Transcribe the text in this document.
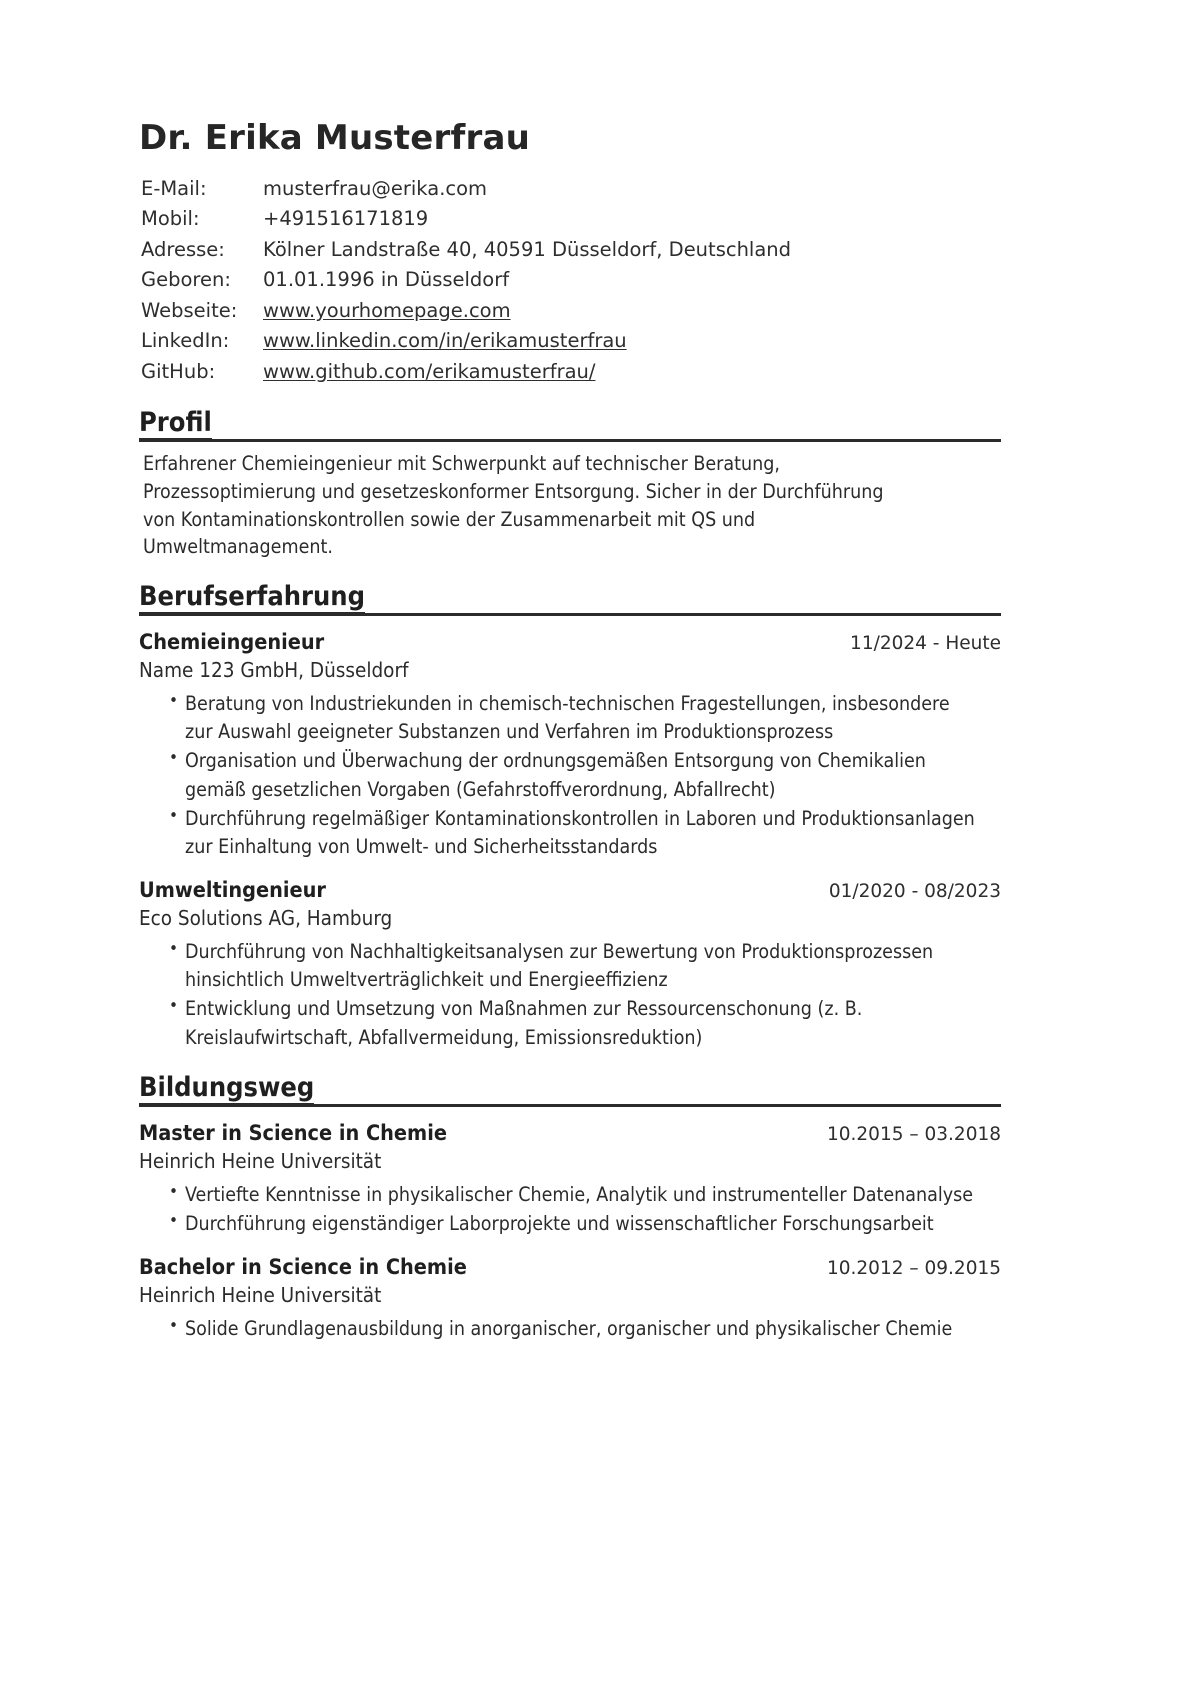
Dr. Erika Musterfrau
E-Mail:	musterfrau@erika.com
Mobil:	+491516171819
Adresse:	Kölner Landstraße 40, 40591 Düsseldorf, Deutschland
Geboren:	01.01.1996 in Düsseldorf
Webseite:	www.yourhomepage.com
LinkedIn:	www.linkedin.com/in/erikamusterfrau
GitHub:	www.github.com/erikamusterfrau/
Profil

Erfahrener Chemieingenieur mit Schwerpunkt auf technischer Beratung, Prozessoptimierung und gesetzeskonformer Entsorgung. Sicher in der Durchführung von Kontaminationskontrollen sowie der Zusammenarbeit mit QS und Umweltmanagement.

Berufserfahrung
Chemieingenieur	11/2024 - Heute
Name 123 GmbH, Düsseldorf
• Beratung von Industriekunden in chemisch-technischen Fragestellungen, insbesondere zur Auswahl geeigneter Substanzen und Verfahren im Produktionsprozess
• Organisation und Überwachung der ordnungsgemäßen Entsorgung von Chemikalien gemäß gesetzlichen Vorgaben (Gefahrstoffverordnung, Abfallrecht)
• Durchführung regelmäßiger Kontaminationskontrollen in Laboren und Produktionsanlagen zur Einhaltung von Umwelt- und Sicherheitsstandards
Umweltingenieur	01/2020 - 08/2023
Eco Solutions AG, Hamburg
• Durchführung von Nachhaltigkeitsanalysen zur Bewertung von Produktionsprozessen hinsichtlich Umweltverträglichkeit und Energieeffizienz
• Entwicklung und Umsetzung von Maßnahmen zur Ressourcenschonung (z. B. Kreislaufwirtschaft, Abfallvermeidung, Emissionsreduktion)
Bildungsweg
Master in Science in Chemie	10.2015 – 03.2018
Heinrich Heine Universität
• Vertiefte Kenntnisse in physikalischer Chemie, Analytik und instrumenteller Datenanalyse
• Durchführung eigenständiger Laborprojekte und wissenschaftlicher Forschungsarbeit
Bachelor in Science in Chemie	10.2012 – 09.2015
Heinrich Heine Universität
• Solide Grundlagenausbildung in anorganischer, organischer und physikalischer Chemie
